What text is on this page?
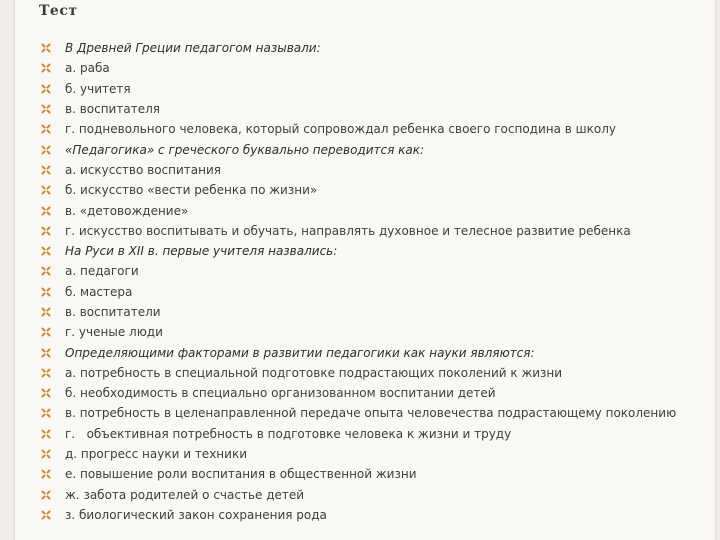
Тест
В Древней Греции педагогом называли:
а. раба
б. учитетя
в. воспитателя
г. подневольного человека, который сопровождал ребенка своего господина в школу
«Педагогика» с греческого буквально переводится как:
а. искусство воспитания
б. искусство «вести ребенка по жизни»
в. «детовождение»
г. искусство воспитывать и обучать, направлять духовное и телесное развитие ребенка
На Руси в XII в. первые учителя назвались:
а. педагоги
б. мастера
в. воспитатели
г. ученые люди
Определяющими факторами в развитии педагогики как науки являются:
а. потребность в специальной подготовке подрастающих поколений к жизни
б. необходимость в специально организованном воспитании детей
в. потребность в целенаправленной передаче опыта человечества подрастающему поколению
г.   объективная потребность в подготовке человека к жизни и труду
д. прогресс науки и техники
е. повышение роли воспитания в общественной жизни
ж. забота родителей о счастье детей
з. биологический закон сохранения рода
